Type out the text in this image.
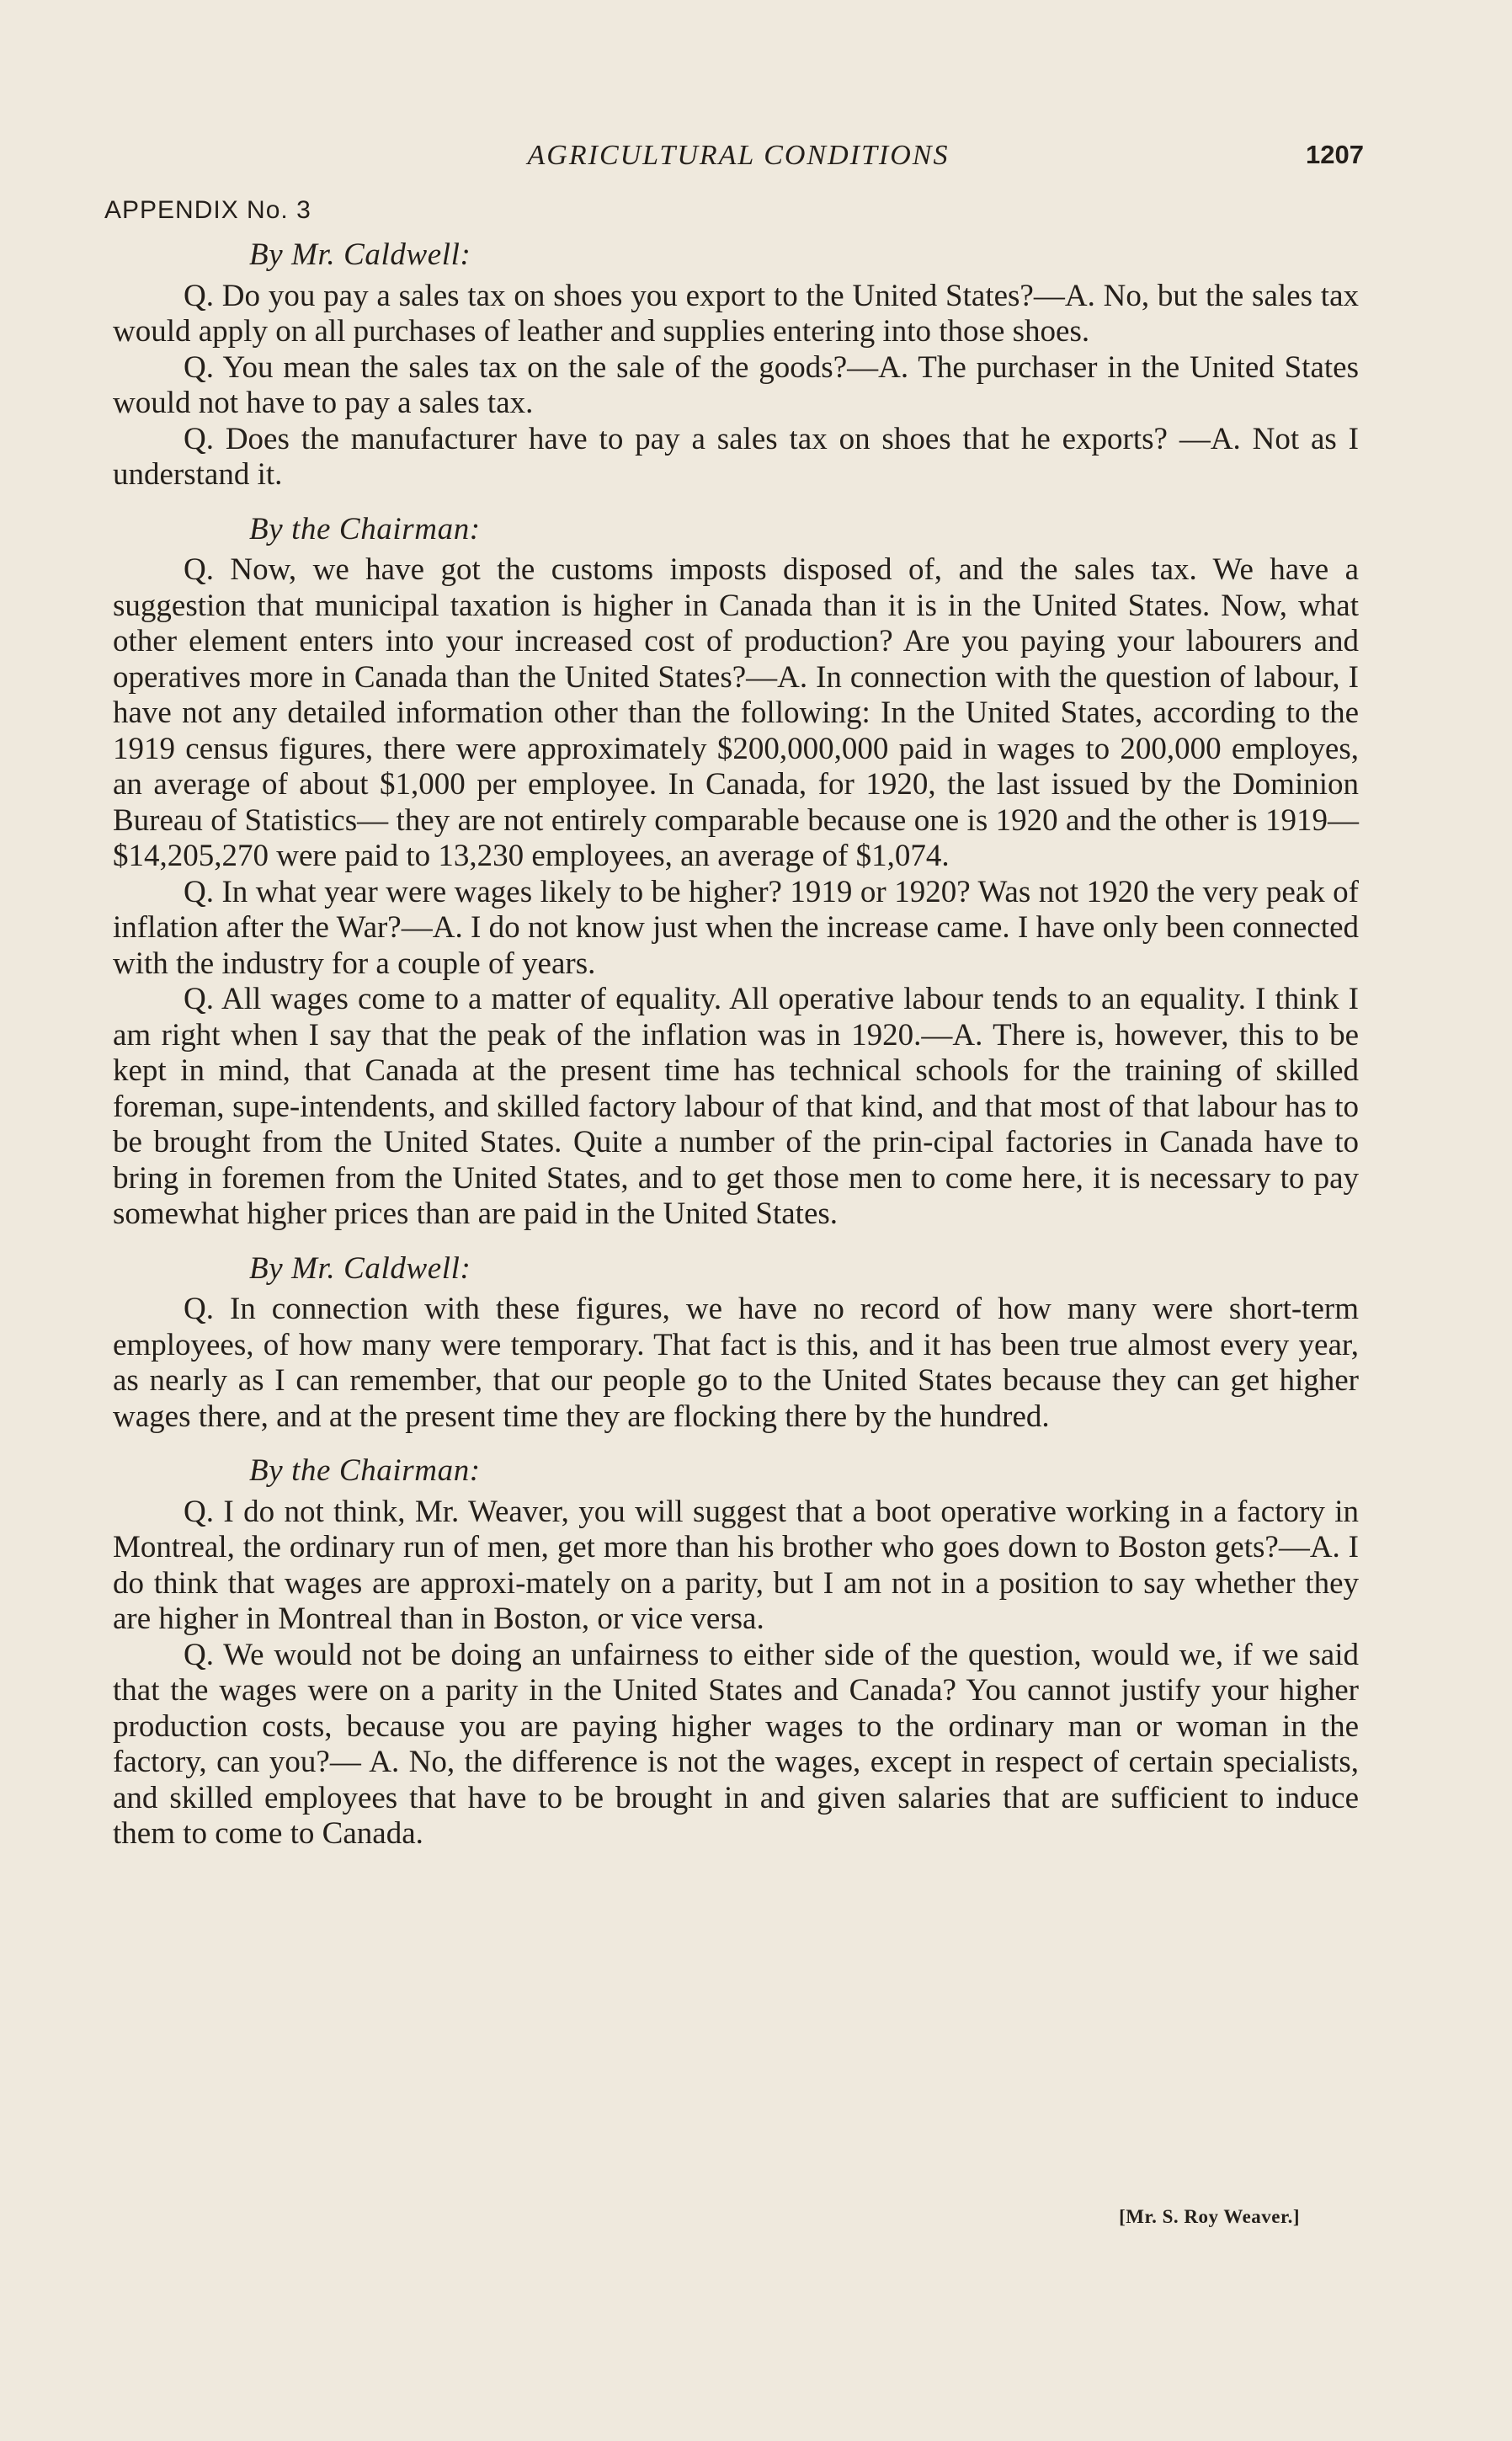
AGRICULTURAL CONDITIONS	1207
APPENDIX No. 3
By Mr. Caldwell:

Q. Do you pay a sales tax on shoes you export to the United States?—A. No, but the sales tax would apply on all purchases of leather and supplies entering into those shoes.

Q. You mean the sales tax on the sale of the goods?—A. The purchaser in the United States would not have to pay a sales tax.

Q. Does the manufacturer have to pay a sales tax on shoes that he exports? —A. Not as I understand it.

By the Chairman:

Q. Now, we have got the customs imposts disposed of, and the sales tax. We have a suggestion that municipal taxation is higher in Canada than it is in the United States. Now, what other element enters into your increased cost of production? Are you paying your labourers and operatives more in Canada than the United States?—A. In connection with the question of labour, I have not any detailed information other than the following: In the United States, according to the 1919 census figures, there were approximately $200,000,000 paid in wages to 200,000 employes, an average of about $1,000 per employee. In Canada, for 1920, the last issued by the Dominion Bureau of Statistics— they are not entirely comparable because one is 1920 and the other is 1919— $14,205,270 were paid to 13,230 employees, an average of $1,074.

Q. In what year were wages likely to be higher? 1919 or 1920? Was not 1920 the very peak of inflation after the War?—A. I do not know just when the increase came. I have only been connected with the industry for a couple of years.

Q. All wages come to a matter of equality. All operative labour tends to an equality. I think I am right when I say that the peak of the inflation was in 1920.—A. There is, however, this to be kept in mind, that Canada at the present time has technical schools for the training of skilled foreman, supe-intendents, and skilled factory labour of that kind, and that most of that labour has to be brought from the United States. Quite a number of the prin-cipal factories in Canada have to bring in foremen from the United States, and to get those men to come here, it is necessary to pay somewhat higher prices than are paid in the United States.

By Mr. Caldwell:

Q. In connection with these figures, we have no record of how many were short-term employees, of how many were temporary. That fact is this, and it has been true almost every year, as nearly as I can remember, that our people go to the United States because they can get higher wages there, and at the present time they are flocking there by the hundred.

By the Chairman:

Q. I do not think, Mr. Weaver, you will suggest that a boot operative working in a factory in Montreal, the ordinary run of men, get more than his brother who goes down to Boston gets?—A. I do think that wages are approxi-mately on a parity, but I am not in a position to say whether they are higher in Montreal than in Boston, or vice versa.

Q. We would not be doing an unfairness to either side of the question, would we, if we said that the wages were on a parity in the United States and Canada? You cannot justify your higher production costs, because you are paying higher wages to the ordinary man or woman in the factory, can you?— A. No, the difference is not the wages, except in respect of certain specialists, and skilled employees that have to be brought in and given salaries that are sufficient to induce them to come to Canada.

[Mr. S. Roy Weaver.]
